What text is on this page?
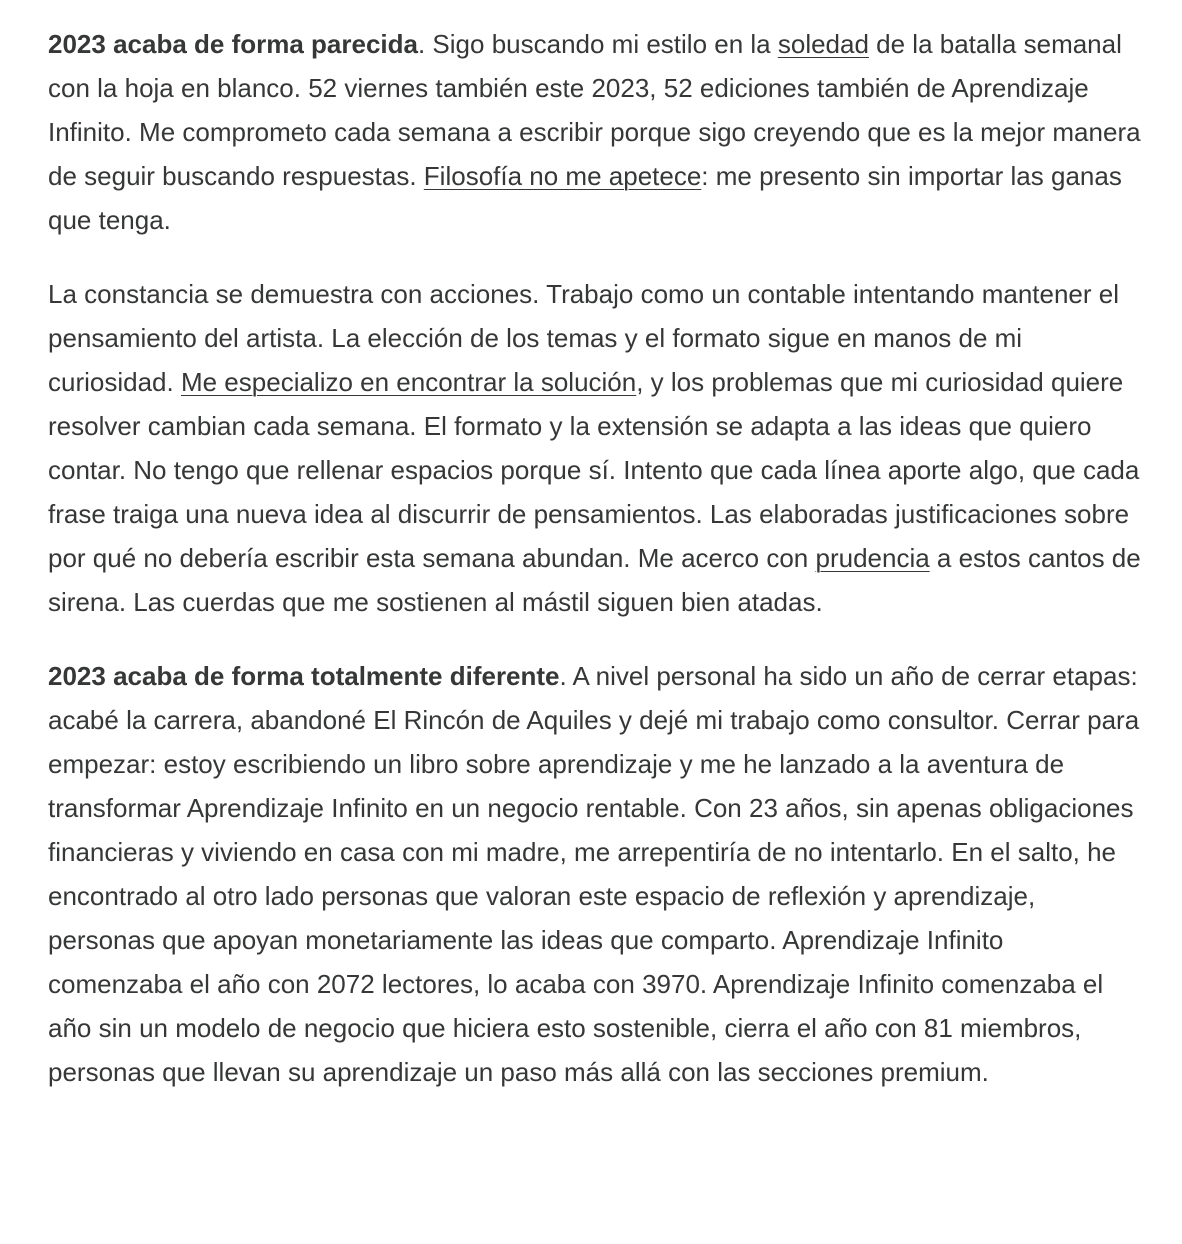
2023 acaba de forma parecida. Sigo buscando mi estilo en la soledad de la batalla semanal con la hoja en blanco. 52 viernes también este 2023, 52 ediciones también de Aprendizaje Infinito. Me comprometo cada semana a escribir porque sigo creyendo que es la mejor manera de seguir buscando respuestas. Filosofía no me apetece: me presento sin importar las ganas que tenga.

La constancia se demuestra con acciones. Trabajo como un contable intentando mantener el pensamiento del artista. La elección de los temas y el formato sigue en manos de mi curiosidad. Me especializo en encontrar la solución, y los problemas que mi curiosidad quiere resolver cambian cada semana. El formato y la extensión se adapta a las ideas que quiero contar. No tengo que rellenar espacios porque sí. Intento que cada línea aporte algo, que cada frase traiga una nueva idea al discurrir de pensamientos. Las elaboradas justificaciones sobre por qué no debería escribir esta semana abundan. Me acerco con prudencia a estos cantos de sirena. Las cuerdas que me sostienen al mástil siguen bien atadas.

2023 acaba de forma totalmente diferente. A nivel personal ha sido un año de cerrar etapas: acabé la carrera, abandoné El Rincón de Aquiles y dejé mi trabajo como consultor. Cerrar para empezar: estoy escribiendo un libro sobre aprendizaje y me he lanzado a la aventura de transformar Aprendizaje Infinito en un negocio rentable. Con 23 años, sin apenas obligaciones financieras y viviendo en casa con mi madre, me arrepentiría de no intentarlo. En el salto, he encontrado al otro lado personas que valoran este espacio de reflexión y aprendizaje, personas que apoyan monetariamente las ideas que comparto. Aprendizaje Infinito comenzaba el año con 2072 lectores, lo acaba con 3970. Aprendizaje Infinito comenzaba el año sin un modelo de negocio que hiciera esto sostenible, cierra el año con 81 miembros, personas que llevan su aprendizaje un paso más allá con las secciones premium.
